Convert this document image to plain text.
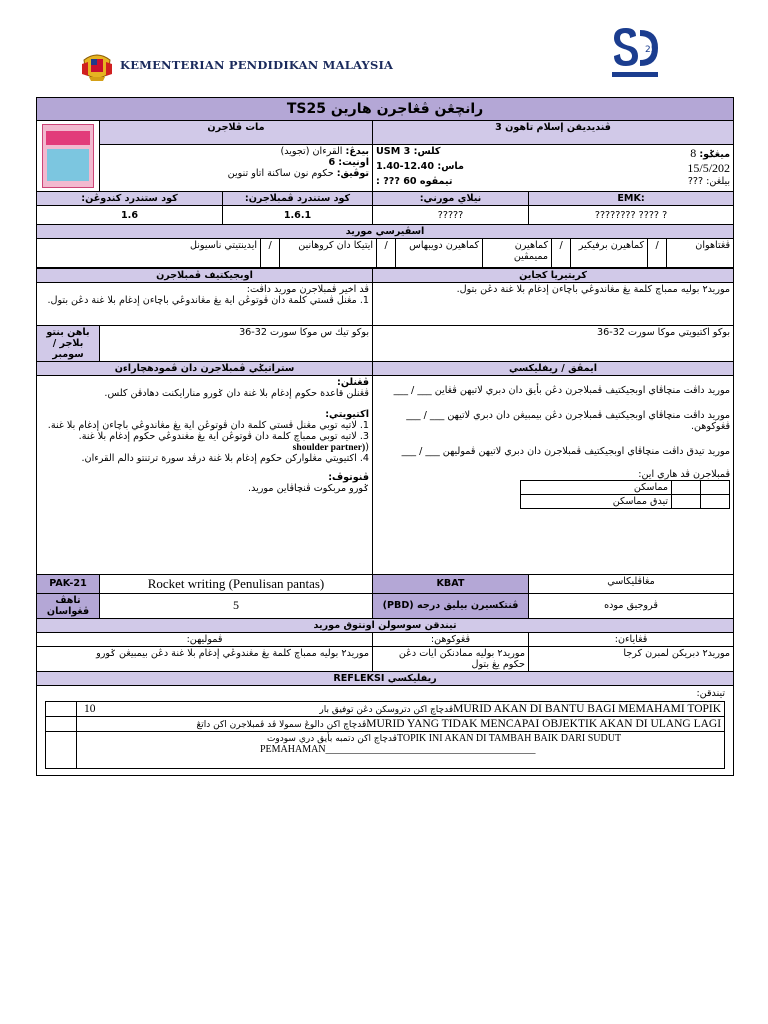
KEMENTERIAN PENDIDIKAN MALAYSIA
25
رانچڠن ڤڠاجرن هارين TS25

	مات ڤلاجرن	ڤنديديقن إسلام تاهون 3

بيدڠ: القرءان (تجويد)
اونيت: 6
توڤيق: حكوم نون ساكنة اتاو تنوين

كلس: USM 3	ميڠݢو: 8
ماس: 12.40-1.40	15/5/202
تيمڤوه 60 ??? :	بيلڠن: ???

كود ستندرد كندوڠن:	كود ستندرد ڤمبلاجرن:	نيلاي مورني:	EMK:
1.6	1.6.1	?????	???????? ???? ?
اسڤيرسي موريد

ڤڠتاهوان	/	كماهيرن برفيكير	/	كماهيرن ممیمڤين	كماهيرن دويبهاس	/	ايتيكا دان كروهانين	/	ايدينتيتي ناسيونل

اوبجيكتيف ڤمبلاجرن	كريتيريا كجاين
ڤد اخير ڤمبلاجرن موريد داڤت:
1. مڠنل ڤستي كلمة دان ڤوتوڠن اية يڠ مڠاندوڠي باچاءن إدغام بلا غنة دڠن بتول.	موريد٢ بوليه ممباچ كلمة يڠ مڠاندوڠي باچاءن إدغام بلا غنة دڠن بتول.
باهن بنتو بلاجر / سومبر	بوكو تيك س موكا سورت 32-36	بوكو اكتيويتي موكا سورت 32-36
ستراتيݢي ڤمبلاجرن دان ڤمودهچاراءن	ايمڤق / ريفليكسي

ڤڠنلن:
ڤڠنلن قاعدة حكوم إدغام بلا غنة دان ݢورو منارايكنت دهادڤن كلس.
اكتيويتي:
1. لاتيه توبي مڠنل ڤستي كلمة دان ڤوتوڠن اية يڠ مڠاندوڠي باچاءن إدغام بلا غنة.
3. لاتيه توبي ممباچ كلمة دان ڤوتوڠن اية يڠ مڠندوڠي حكوم إدغام بلا غنة. (shoulder partner)
4. اكتيويتي مڠلواركن حكوم إدغام بلا غنة درڤد سورة ترتنتو دالم القرءان.
ڤنوتوڤ:
ݢورو مربكوت ڤنچاڤاين موريد.

موريد داڤت منچاڤاي اوبجيكتيف ڤمبلاجرن دڠن بأيق دان دبري لاتيهن ڤڠاين ___ / ___
موريد داڤت منچاڤاي اوبجيكتيف ڤمبلاجرن دڠن بيمبيڠن دان دبري لاتيهن ___ / ___ ڤڠوكوهن.
موريد تيدق داڤت منچاڤاي اوبجيكتيف ڤمبلاجرن دان دبري لاتيهن ڤموليهن ___ / ___
ڤمبلاجرن ڤد هاري اين:
		مماسكن
		تيدق مماسكن

PAK-21	Rocket writing (Penulisan pantas)	KBAT	مڠاڤليكاسي
تاهڤ ڤڠواسان	5	ڤنتكسيرن بيليق درجه (PBD)	ڤروجيق موده
تيندقن سوسولن اونتوق موريد
ڤموليهن:	ڤڠوكوهن:	ڤڠاياءن:
موريد٢ بوليه ممباچ كلمة يڠ مڠندوڠي إدغام بلا غنة دڠن بيمبيڠن ݢورو	موريد٢ بوليه ممادنكن ايات دڠن حكوم يڠ بتول	موريد٢ دبريكن لمبرن كرجا
ريفليكسي REFLEKSI

تيندقن:
	10	ڤدچاچ اكن دتروسكن دڠن توفيق بارMURID AKAN DI BANTU BAGI MEMAHAMI TOPIK

	ڤدچاچ اكن دالوڠ سمولا ڤد ڤمبلاجرن اكن داتڠMURID YANG TIDAK MENCAPAI OBJEKTIK AKAN DI ULANG LAGI

ڤدچاچ اكن دتمبه بأيق دري سودوتTOPIK INI AKAN DI TAMBAH BAIK DARI SUDUT
PEMAHAMAN__________________________________________
